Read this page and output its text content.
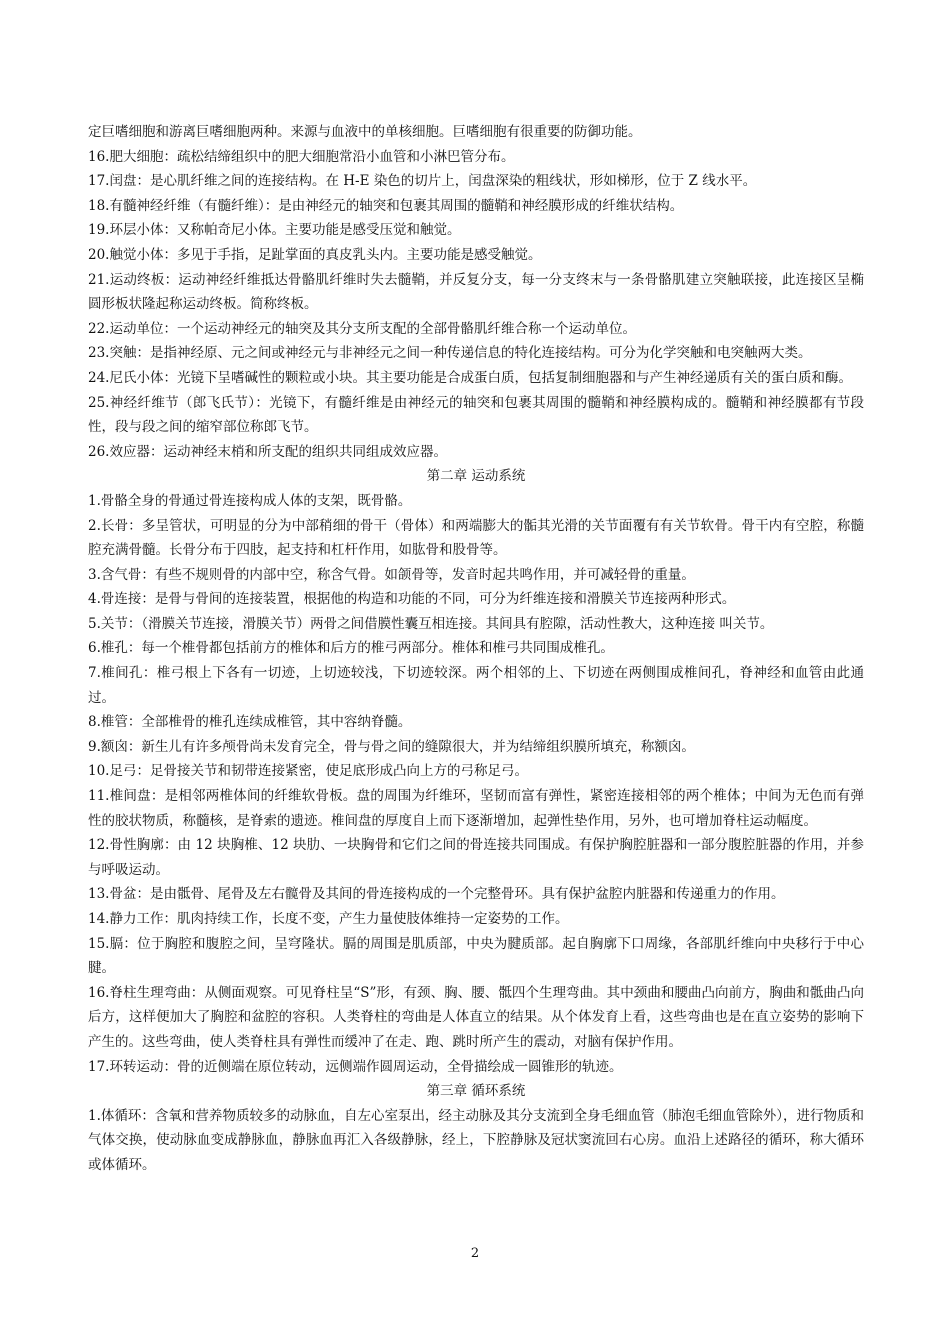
定巨嗜细胞和游离巨嗜细胞两种。来源与血液中的单核细胞。巨嗜细胞有很重要的防御功能。

16.肥大细胞：疏松结缔组织中的肥大细胞常沿小血管和小淋巴管分布。

17.闰盘：是心肌纤维之间的连接结构。在 H-E 染色的切片上，闰盘深染的粗线状，形如梯形，位于 Z 线水平。

18.有髓神经纤维（有髓纤维）：是由神经元的轴突和包裹其周围的髓鞘和神经膜形成的纤维状结构。

19.环层小体：又称帕奇尼小体。主要功能是感受压觉和触觉。

20.触觉小体：多见于手指，足趾掌面的真皮乳头内。主要功能是感受触觉。

21.运动终板：运动神经纤维抵达骨骼肌纤维时失去髓鞘，并反复分支，每一分支终末与一条骨骼肌建立突触联接，此连接区呈椭圆形板状隆起称运动终板。简称终板。

22.运动单位：一个运动神经元的轴突及其分支所支配的全部骨骼肌纤维合称一个运动单位。

23.突触：是指神经原、元之间或神经元与非神经元之间一种传递信息的特化连接结构。可分为化学突触和电突触两大类。

24.尼氏小体：光镜下呈嗜碱性的颗粒或小块。其主要功能是合成蛋白质，包括复制细胞器和与产生神经递质有关的蛋白质和酶。

25.神经纤维节（郎飞氏节）：光镜下，有髓纤维是由神经元的轴突和包裹其周围的髓鞘和神经膜构成的。髓鞘和神经膜都有节段性，段与段之间的缩窄部位称郎飞节。

26.效应器：运动神经末梢和所支配的组织共同组成效应器。

第二章 运动系统

1.骨骼全身的骨通过骨连接构成人体的支架，既骨骼。

2.长骨：多呈管状，可明显的分为中部稍细的骨干（骨体）和两端膨大的骺其光滑的关节面覆有有关节软骨。骨干内有空腔，称髓腔充满骨髓。长骨分布于四肢，起支持和杠杆作用，如肱骨和股骨等。

3.含气骨：有些不规则骨的内部中空，称含气骨。如颌骨等，发音时起共鸣作用，并可减轻骨的重量。

4.骨连接：是骨与骨间的连接装置，根据他的构造和功能的不同，可分为纤维连接和滑膜关节连接两种形式。

5.关节：（滑膜关节连接，滑膜关节）两骨之间借膜性囊互相连接。其间具有腔隙，活动性教大，这种连接 叫关节。

6.椎孔：每一个椎骨都包括前方的椎体和后方的椎弓两部分。椎体和椎弓共同围成椎孔。

7.椎间孔：椎弓根上下各有一切迹，上切迹较浅，下切迹较深。两个相邻的上、下切迹在两侧围成椎间孔，脊神经和血管由此通过。

8.椎管：全部椎骨的椎孔连续成椎管，其中容纳脊髓。

9.额囟：新生儿有许多颅骨尚未发育完全，骨与骨之间的缝隙很大，并为结缔组织膜所填充，称额囟。

10.足弓：足骨接关节和韧带连接紧密，使足底形成凸向上方的弓称足弓。

11.椎间盘：是相邻两椎体间的纤维软骨板。盘的周围为纤维环，坚韧而富有弹性，紧密连接相邻的两个椎体；中间为无色而有弹性的胶状物质，称髓核，是脊索的遗迹。椎间盘的厚度自上而下逐渐增加，起弹性垫作用，另外，也可增加脊柱运动幅度。

12.骨性胸廓：由 12 块胸椎、12 块肋、一块胸骨和它们之间的骨连接共同围成。有保护胸腔脏器和一部分腹腔脏器的作用，并参与呼吸运动。

13.骨盆：是由骶骨、尾骨及左右髋骨及其间的骨连接构成的一个完整骨环。具有保护盆腔内脏器和传递重力的作用。

14.静力工作：肌肉持续工作，长度不变，产生力量使肢体维持一定姿势的工作。

15.膈：位于胸腔和腹腔之间，呈穹隆状。膈的周围是肌质部，中央为腱质部。起自胸廓下口周缘，各部肌纤维向中央移行于中心腱。

16.脊柱生理弯曲：从侧面观察。可见脊柱呈“S”形，有颈、胸、腰、骶四个生理弯曲。其中颈曲和腰曲凸向前方，胸曲和骶曲凸向后方，这样便加大了胸腔和盆腔的容积。人类脊柱的弯曲是人体直立的结果。从个体发育上看，这些弯曲也是在直立姿势的影响下产生的。这些弯曲，使人类脊柱具有弹性而缓冲了在走、跑、跳时所产生的震动，对脑有保护作用。

17.环转运动：骨的近侧端在原位转动，远侧端作圆周运动，全骨描绘成一圆锥形的轨迹。

第三章 循环系统

1.体循环：含氧和营养物质较多的动脉血，自左心室泵出，经主动脉及其分支流到全身毛细血管（肺泡毛细血管除外），进行物质和气体交换，使动脉血变成静脉血，静脉血再汇入各级静脉，经上，下腔静脉及冠状窦流回右心房。血沿上述路径的循环，称大循环或体循环。

2
